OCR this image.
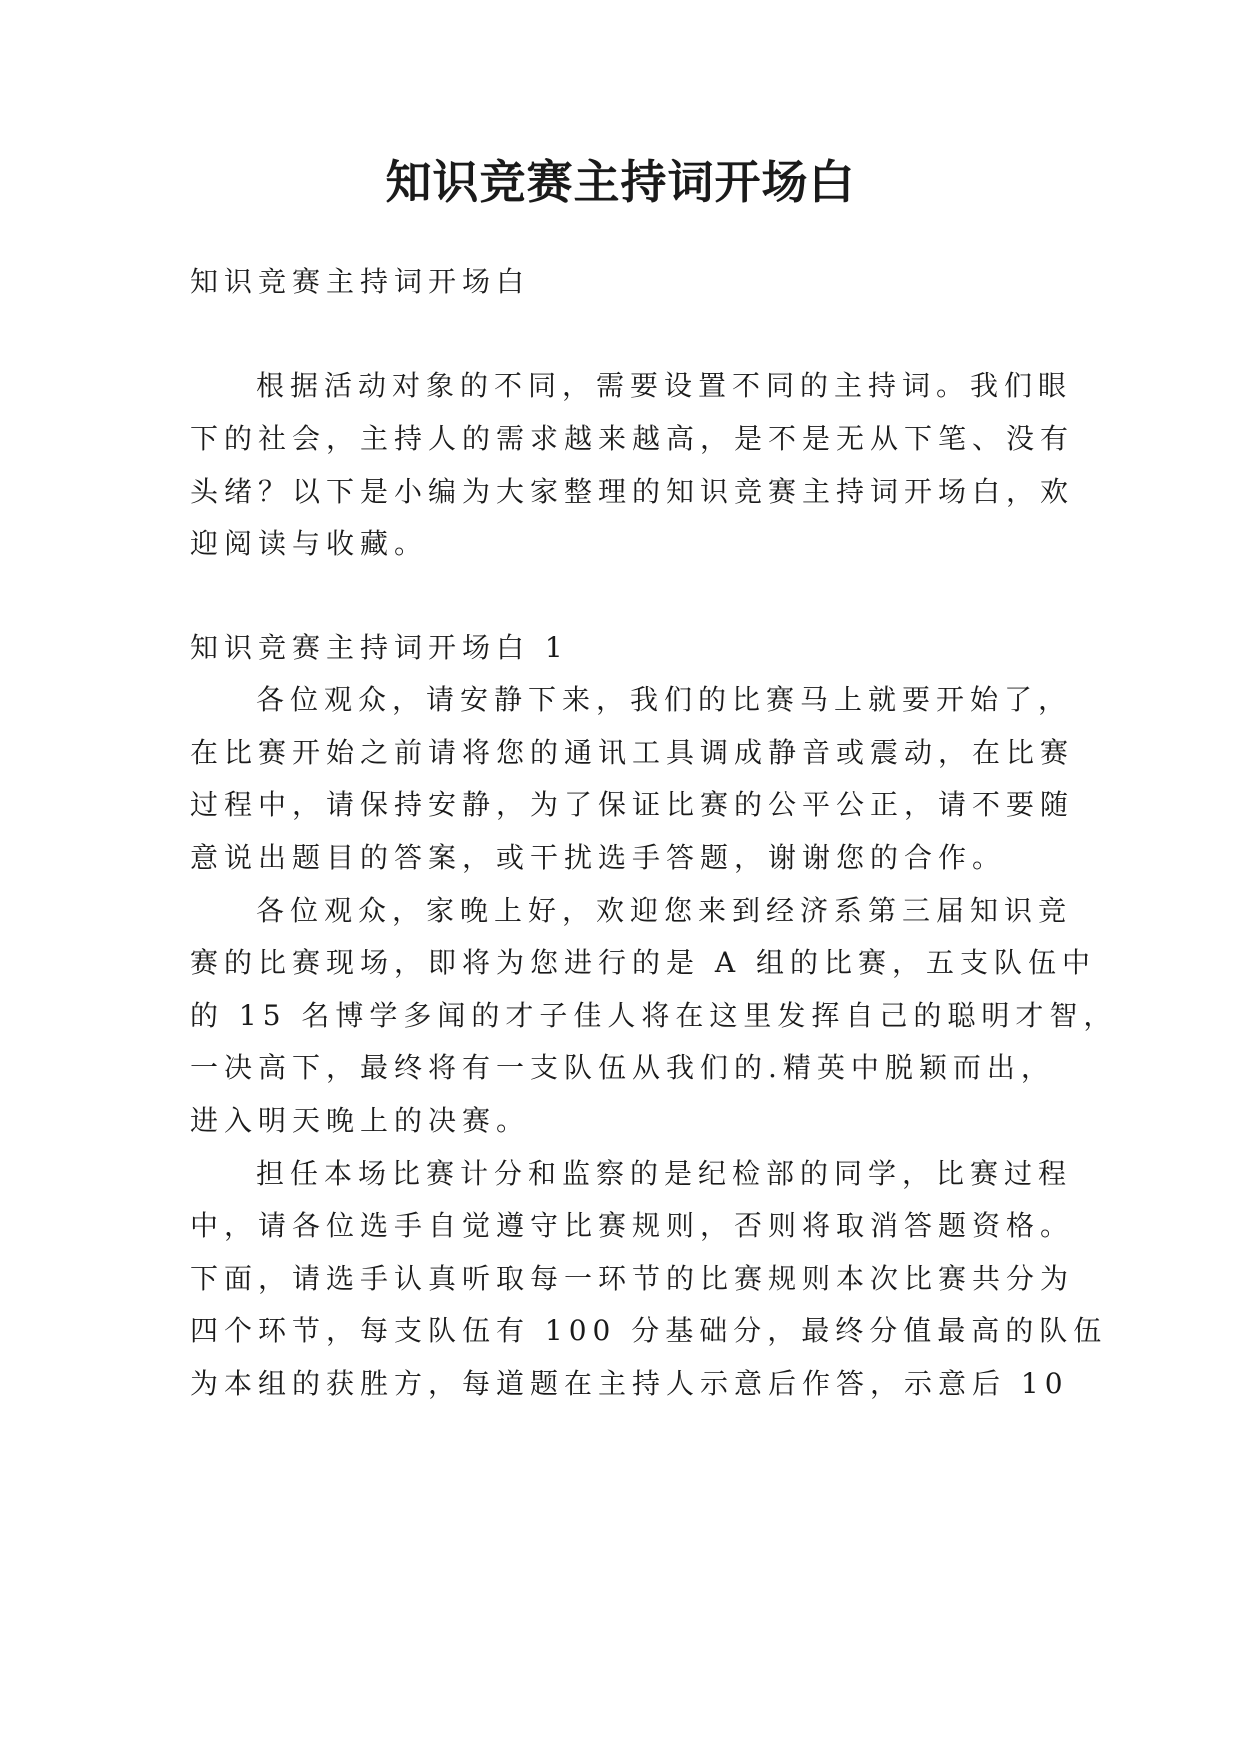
知识竞赛主持词开场白
知识竞赛主持词开场白
根据活动对象的不同，需要设置不同的主持词。我们眼
下的社会，主持人的需求越来越高，是不是无从下笔、没有
头绪？以下是小编为大家整理的知识竞赛主持词开场白，欢
迎阅读与收藏。
知识竞赛主持词开场白 1
各位观众，请安静下来，我们的比赛马上就要开始了，
在比赛开始之前请将您的通讯工具调成静音或震动，在比赛
过程中，请保持安静，为了保证比赛的公平公正，请不要随
意说出题目的答案，或干扰选手答题，谢谢您的合作。
各位观众，家晚上好，欢迎您来到经济系第三届知识竞
赛的比赛现场，即将为您进行的是 A 组的比赛，五支队伍中
的 15 名博学多闻的才子佳人将在这里发挥自己的聪明才智，
一决高下，最终将有一支队伍从我们的.精英中脱颖而出，
进入明天晚上的决赛。
担任本场比赛计分和监察的是纪检部的同学，比赛过程
中，请各位选手自觉遵守比赛规则，否则将取消答题资格。
下面，请选手认真听取每一环节的比赛规则本次比赛共分为
四个环节，每支队伍有 100 分基础分，最终分值最高的队伍
为本组的获胜方，每道题在主持人示意后作答，示意后 10
